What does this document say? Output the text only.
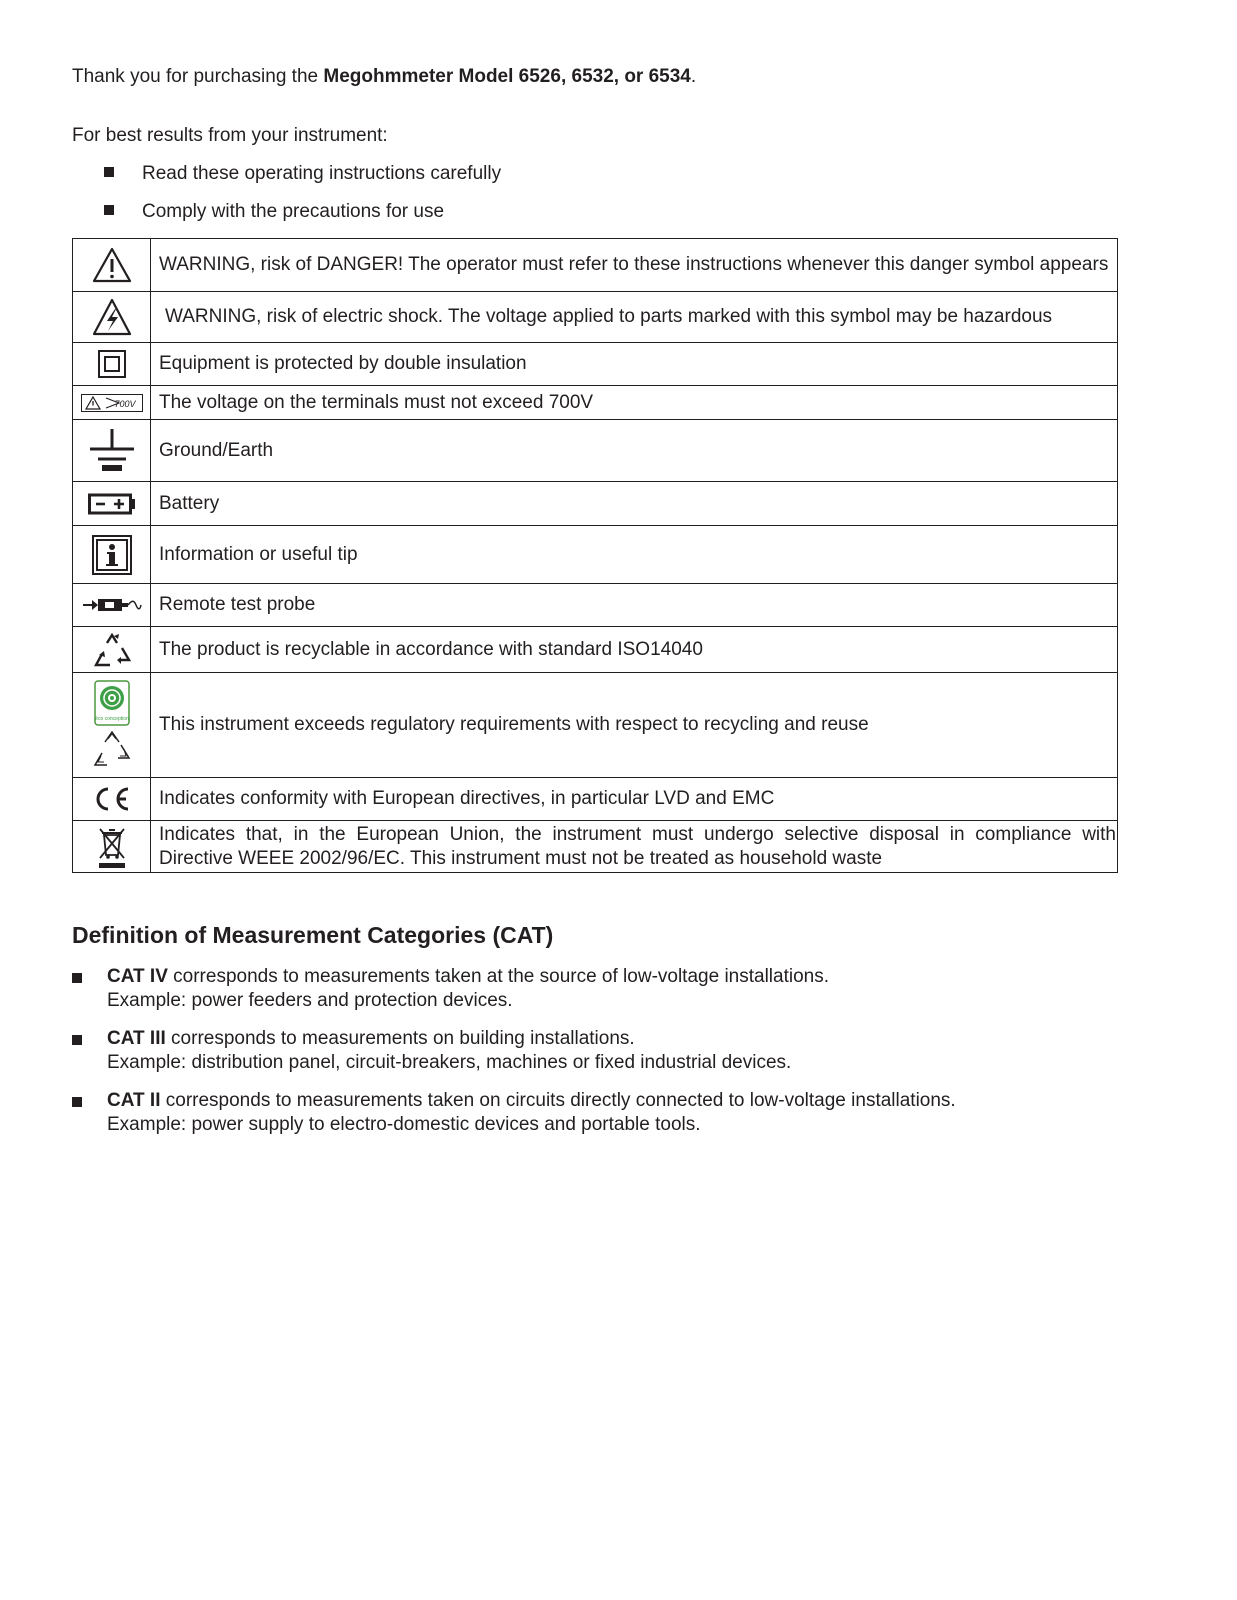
Thank you for purchasing the Megohmmeter Model 6526, 6532, or 6534.
For best results from your instrument:
Read these operating instructions carefully
Comply with the precautions for use
	WARNING, risk of DANGER! The operator must refer to these instructions whenever this danger symbol appears

	WARNING, risk of electric shock. The voltage applied to parts marked with this symbol may be hazardous

	Equipment is protected by double insulation

700V	The voltage on the terminals must not exceed 700V

	Ground/Earth

	Battery

	Information or useful tip

	Remote test probe

	The product is recyclable in accordance with standard ISO14040

éco conception	This instrument exceeds regulatory requirements with respect to recycling and reuse

	Indicates conformity with European directives, in particular LVD and EMC

	Indicates that, in the European Union, the instrument must undergo selective disposal in compliance with Directive WEEE 2002/96/EC. This instrument must not be treated as household waste
Definition of Measurement Categories (CAT)
CAT IV corresponds to measurements taken at the source of low-voltage installations.
Example: power feeders and protection devices.
CAT III corresponds to measurements on building installations.
Example: distribution panel, circuit-breakers, machines or fixed industrial devices.
CAT II corresponds to measurements taken on circuits directly connected to low-voltage installations.
Example: power supply to electro-domestic devices and portable tools.
